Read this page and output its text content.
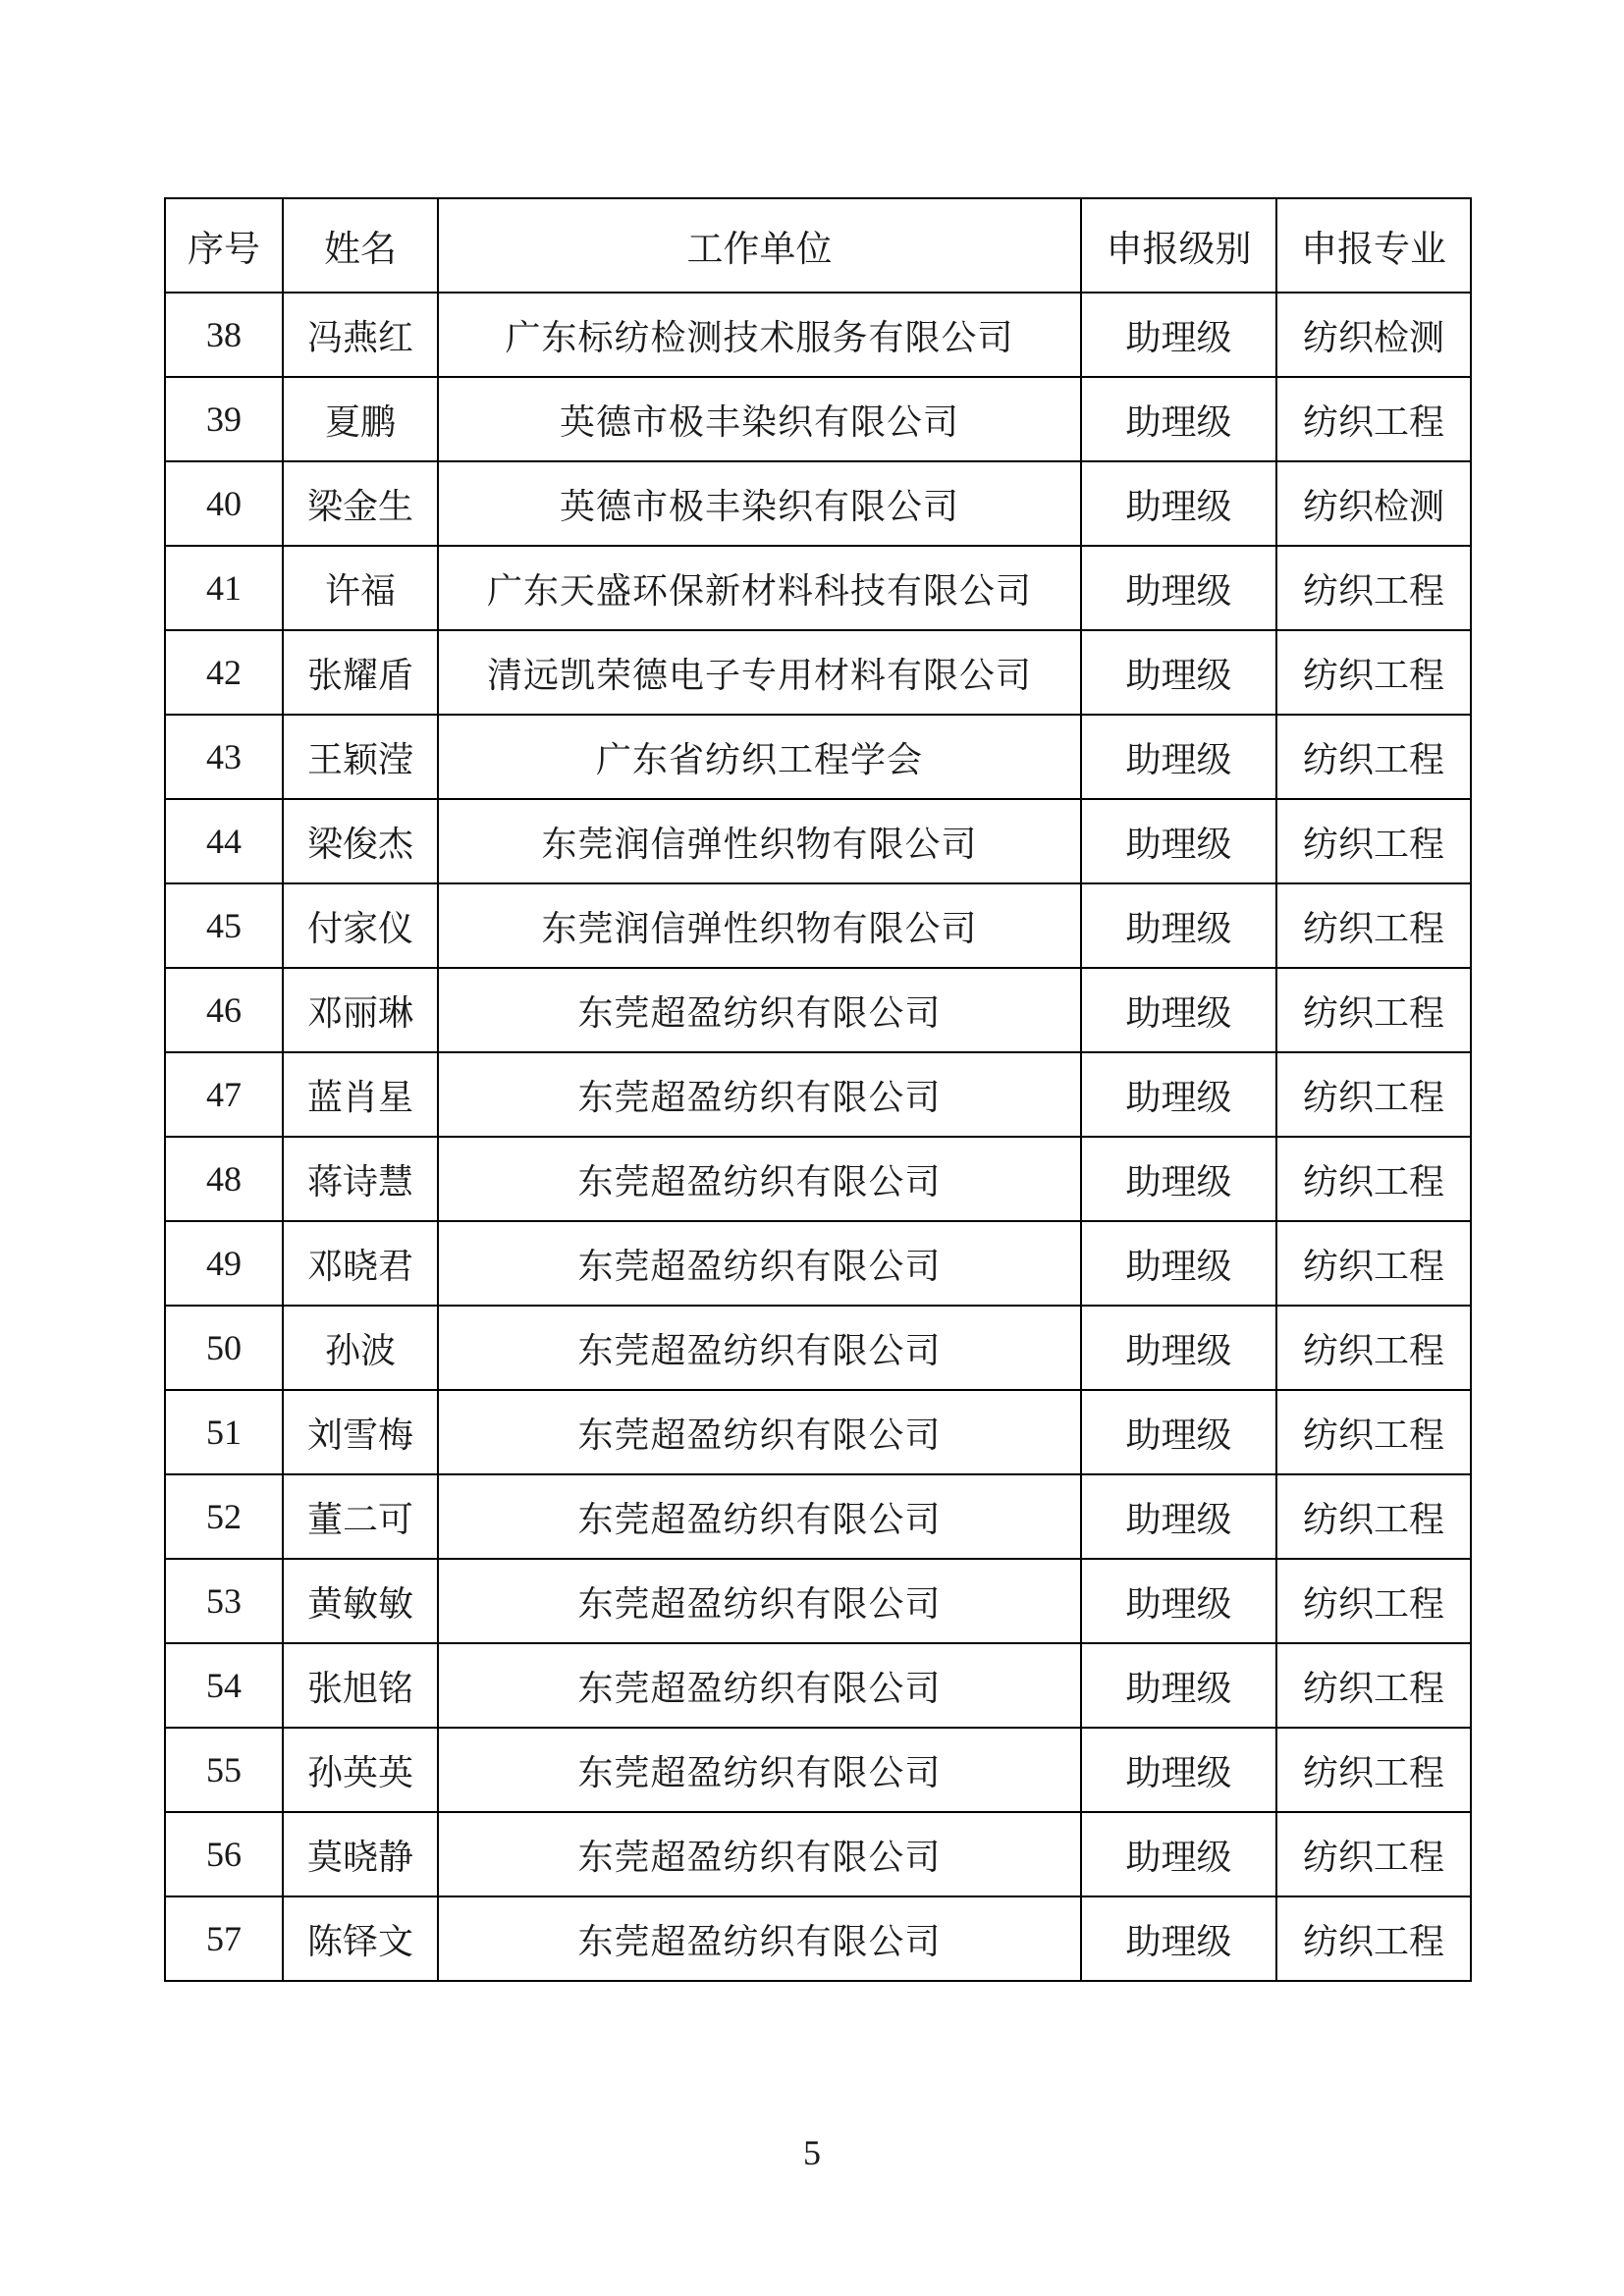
序号	姓名	工作单位	申报级别	申报专业
38	冯燕红	广东标纺检测技术服务有限公司	助理级	纺织检测
39	夏鹏	英德市极丰染织有限公司	助理级	纺织工程
40	梁金生	英德市极丰染织有限公司	助理级	纺织检测
41	许福	广东天盛环保新材料科技有限公司	助理级	纺织工程
42	张耀盾	清远凯荣德电子专用材料有限公司	助理级	纺织工程
43	王颖滢	广东省纺织工程学会	助理级	纺织工程
44	梁俊杰	东莞润信弹性织物有限公司	助理级	纺织工程
45	付家仪	东莞润信弹性织物有限公司	助理级	纺织工程
46	邓丽琳	东莞超盈纺织有限公司	助理级	纺织工程
47	蓝肖星	东莞超盈纺织有限公司	助理级	纺织工程
48	蒋诗慧	东莞超盈纺织有限公司	助理级	纺织工程
49	邓晓君	东莞超盈纺织有限公司	助理级	纺织工程
50	孙波	东莞超盈纺织有限公司	助理级	纺织工程
51	刘雪梅	东莞超盈纺织有限公司	助理级	纺织工程
52	董二可	东莞超盈纺织有限公司	助理级	纺织工程
53	黄敏敏	东莞超盈纺织有限公司	助理级	纺织工程
54	张旭铭	东莞超盈纺织有限公司	助理级	纺织工程
55	孙英英	东莞超盈纺织有限公司	助理级	纺织工程
56	莫晓静	东莞超盈纺织有限公司	助理级	纺织工程
57	陈铎文	东莞超盈纺织有限公司	助理级	纺织工程
5
